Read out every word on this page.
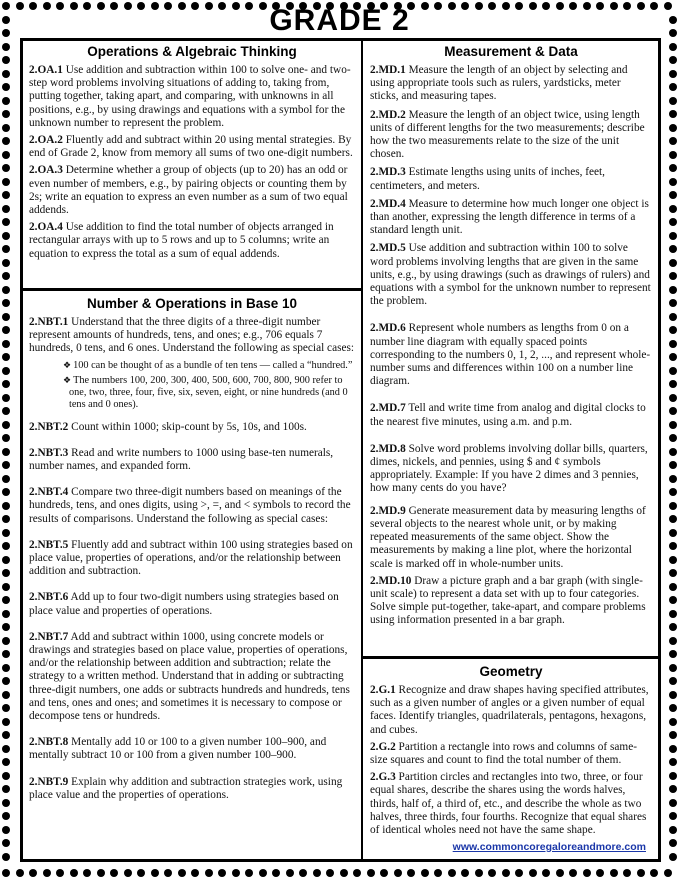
GRADE 2
Operations & Algebraic Thinking

2.OA.1 Use addition and subtraction within 100 to solve one- and two-step word problems involving situations of adding to, taking from, putting together, taking apart, and comparing, with unknowns in all positions, e.g., by using drawings and equations with a symbol for the unknown number to represent the problem.

2.OA.2 Fluently add and subtract within 20 using mental strategies. By end of Grade 2, know from memory all sums of two one-digit numbers.

2.OA.3 Determine whether a group of objects (up to 20) has an odd or even number of members, e.g., by pairing objects or counting them by 2s; write an equation to express an even number as a sum of two equal addends.

2.OA.4 Use addition to find the total number of objects arranged in rectangular arrays with up to 5 rows and up to 5 columns; write an equation to express the total as a sum of equal addends.

Number & Operations in Base 10

2.NBT.1 Understand that the three digits of a three-digit number represent amounts of hundreds, tens, and ones; e.g., 706 equals 7 hundreds, 0 tens, and 6 ones. Understand the following as special cases:

❖ 100 can be thought of as a bundle of ten tens — called a “hundred.”

❖ The numbers 100, 200, 300, 400, 500, 600, 700, 800, 900 refer to one, two, three, four, five, six, seven, eight, or nine hundreds (and 0 tens and 0 ones).

2.NBT.2 Count within 1000; skip-count by 5s, 10s, and 100s.

2.NBT.3 Read and write numbers to 1000 using base-ten numerals, number names, and expanded form.

2.NBT.4 Compare two three-digit numbers based on meanings of the hundreds, tens, and ones digits, using >, =, and < symbols to record the results of comparisons. Understand the following as special cases:

2.NBT.5 Fluently add and subtract within 100 using strategies based on place value, properties of operations, and/or the relationship between addition and subtraction.

2.NBT.6 Add up to four two-digit numbers using strategies based on place value and properties of operations.

2.NBT.7 Add and subtract within 1000, using concrete models or drawings and strategies based on place value, properties of operations, and/or the relationship between addition and subtraction; relate the strategy to a written method. Understand that in adding or subtracting three-digit numbers, one adds or subtracts hundreds and hundreds, tens and tens, ones and ones; and sometimes it is necessary to compose or decompose tens or hundreds.

2.NBT.8 Mentally add 10 or 100 to a given number 100–900, and mentally subtract 10 or 100 from a given number 100–900.

2.NBT.9 Explain why addition and subtraction strategies work, using place value and the properties of operations.

Measurement & Data

2.MD.1 Measure the length of an object by selecting and using appropriate tools such as rulers, yardsticks, meter sticks, and measuring tapes.

2.MD.2 Measure the length of an object twice, using length units of different lengths for the two measurements; describe how the two measurements relate to the size of the unit chosen.

2.MD.3 Estimate lengths using units of inches, feet, centimeters, and meters.

2.MD.4 Measure to determine how much longer one object is than another, expressing the length difference in terms of a standard length unit.

2.MD.5 Use addition and subtraction within 100 to solve word problems involving lengths that are given in the same units, e.g., by using drawings (such as drawings of rulers) and equations with a symbol for the unknown number to represent the problem.

2.MD.6 Represent whole numbers as lengths from 0 on a number line diagram with equally spaced points corresponding to the numbers 0, 1, 2, ..., and represent whole-number sums and differences within 100 on a number line diagram.

2.MD.7 Tell and write time from analog and digital clocks to the nearest five minutes, using a.m. and p.m.

2.MD.8 Solve word problems involving dollar bills, quarters, dimes, nickels, and pennies, using $ and ¢ symbols appropriately. Example: If you have 2 dimes and 3 pennies, how many cents do you have?

2.MD.9 Generate measurement data by measuring lengths of several objects to the nearest whole unit, or by making repeated measurements of the same object. Show the measurements by making a line plot, where the horizontal scale is marked off in whole-number units.

2.MD.10 Draw a picture graph and a bar graph (with single-unit scale) to represent a data set with up to four categories. Solve simple put-together, take-apart, and compare problems using information presented in a bar graph.

Geometry

2.G.1 Recognize and draw shapes having specified attributes, such as a given number of angles or a given number of equal faces. Identify triangles, quadrilaterals, pentagons, hexagons, and cubes.

2.G.2 Partition a rectangle into rows and columns of same-size squares and count to find the total number of them.

2.G.3 Partition circles and rectangles into two, three, or four equal shares, describe the shares using the words halves, thirds, half of, a third of, etc., and describe the whole as two halves, three thirds, four fourths. Recognize that equal shares of identical wholes need not have the same shape.

www.commoncoregaloreandmore.com
